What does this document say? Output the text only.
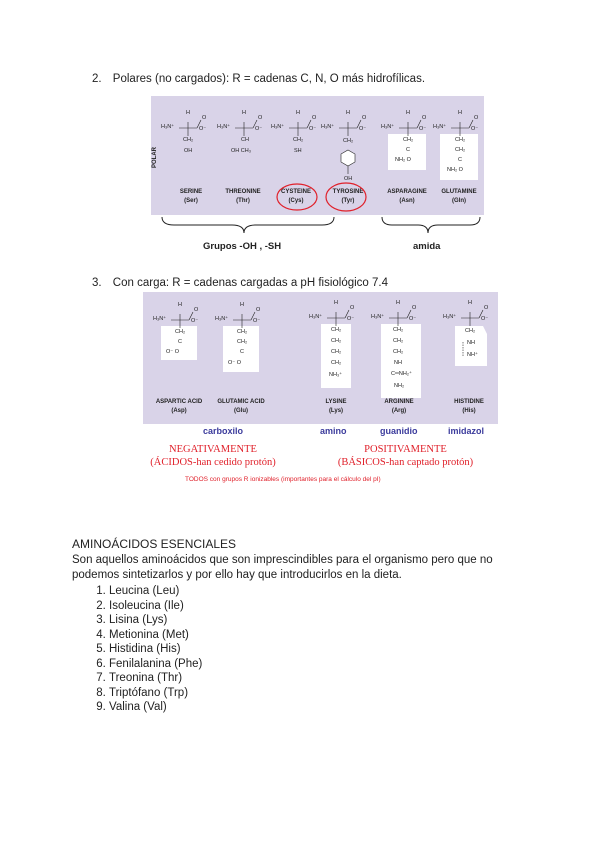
2. Polares (no cargados): R = cadenas C, N, O más hidrofílicas.
POLAR
H
H₃N⁺
O
O⁻
CH₂
OH
H
H₃N⁺
O
O⁻
CH
OH CH₃
H
H₃N⁺
O
O⁻
CH₂
SH
H
H₃N⁺
O
O⁻
CH₂
OH
H
H₃N⁺
O
O⁻
CH₂
C
NH₂ O
H
H₃N⁺
O
O⁻
CH₂
CH₂
C
NH₂ O
SERINE
(Ser)
THREONINE
(Thr)
CYSTEINE
(Cys)
TYROSINE
(Tyr)
ASPARAGINE
(Asn)
GLUTAMINE
(Gln)
Grupos -OH , -SH	amida
3. Con carga: R = cadenas cargadas a pH fisiológico 7.4
H
H₃N⁺
O
O⁻
CH₂
C
O⁻ O
H
H₃N⁺
O
O⁻
CH₂
CH₂
C
O⁻ O
H
H₃N⁺
O
O⁻
CH₂
CH₂
CH₂
CH₂
NH₃⁺
H
H₃N⁺
O
O⁻
CH₂
CH₂
CH₂
NH
C═NH₂⁺
NH₂
H
H₃N⁺
O
O⁻
CH₂
NH
NH⁺
ASPARTIC ACID
(Asp)
GLUTAMIC ACID
(Glu)
LYSINE
(Lys)
ARGININE
(Arg)
HISTIDINE
(His)
carboxilo	amino	guanidio	imidazol
NEGATIVAMENTE
(ÁCIDOS-han cedido protón)
POSITIVAMENTE
(BÁSICOS-han captado protón)
TODOS con grupos R ionizables (importantes para el cálculo del pI)
AMINOÁCIDOS ESENCIALES
Son aquellos aminoácidos que son imprescindibles para el organismo pero que no podemos sintetizarlos y por ello hay que introducirlos en la dieta.
1. Leucina (Leu)
2. Isoleucina (Ile)
3. Lisina (Lys)
4. Metionina (Met)
5. Histidina (His)
6. Fenilalanina (Phe)
7. Treonina (Thr)
8. Triptófano (Trp)
9. Valina (Val)
